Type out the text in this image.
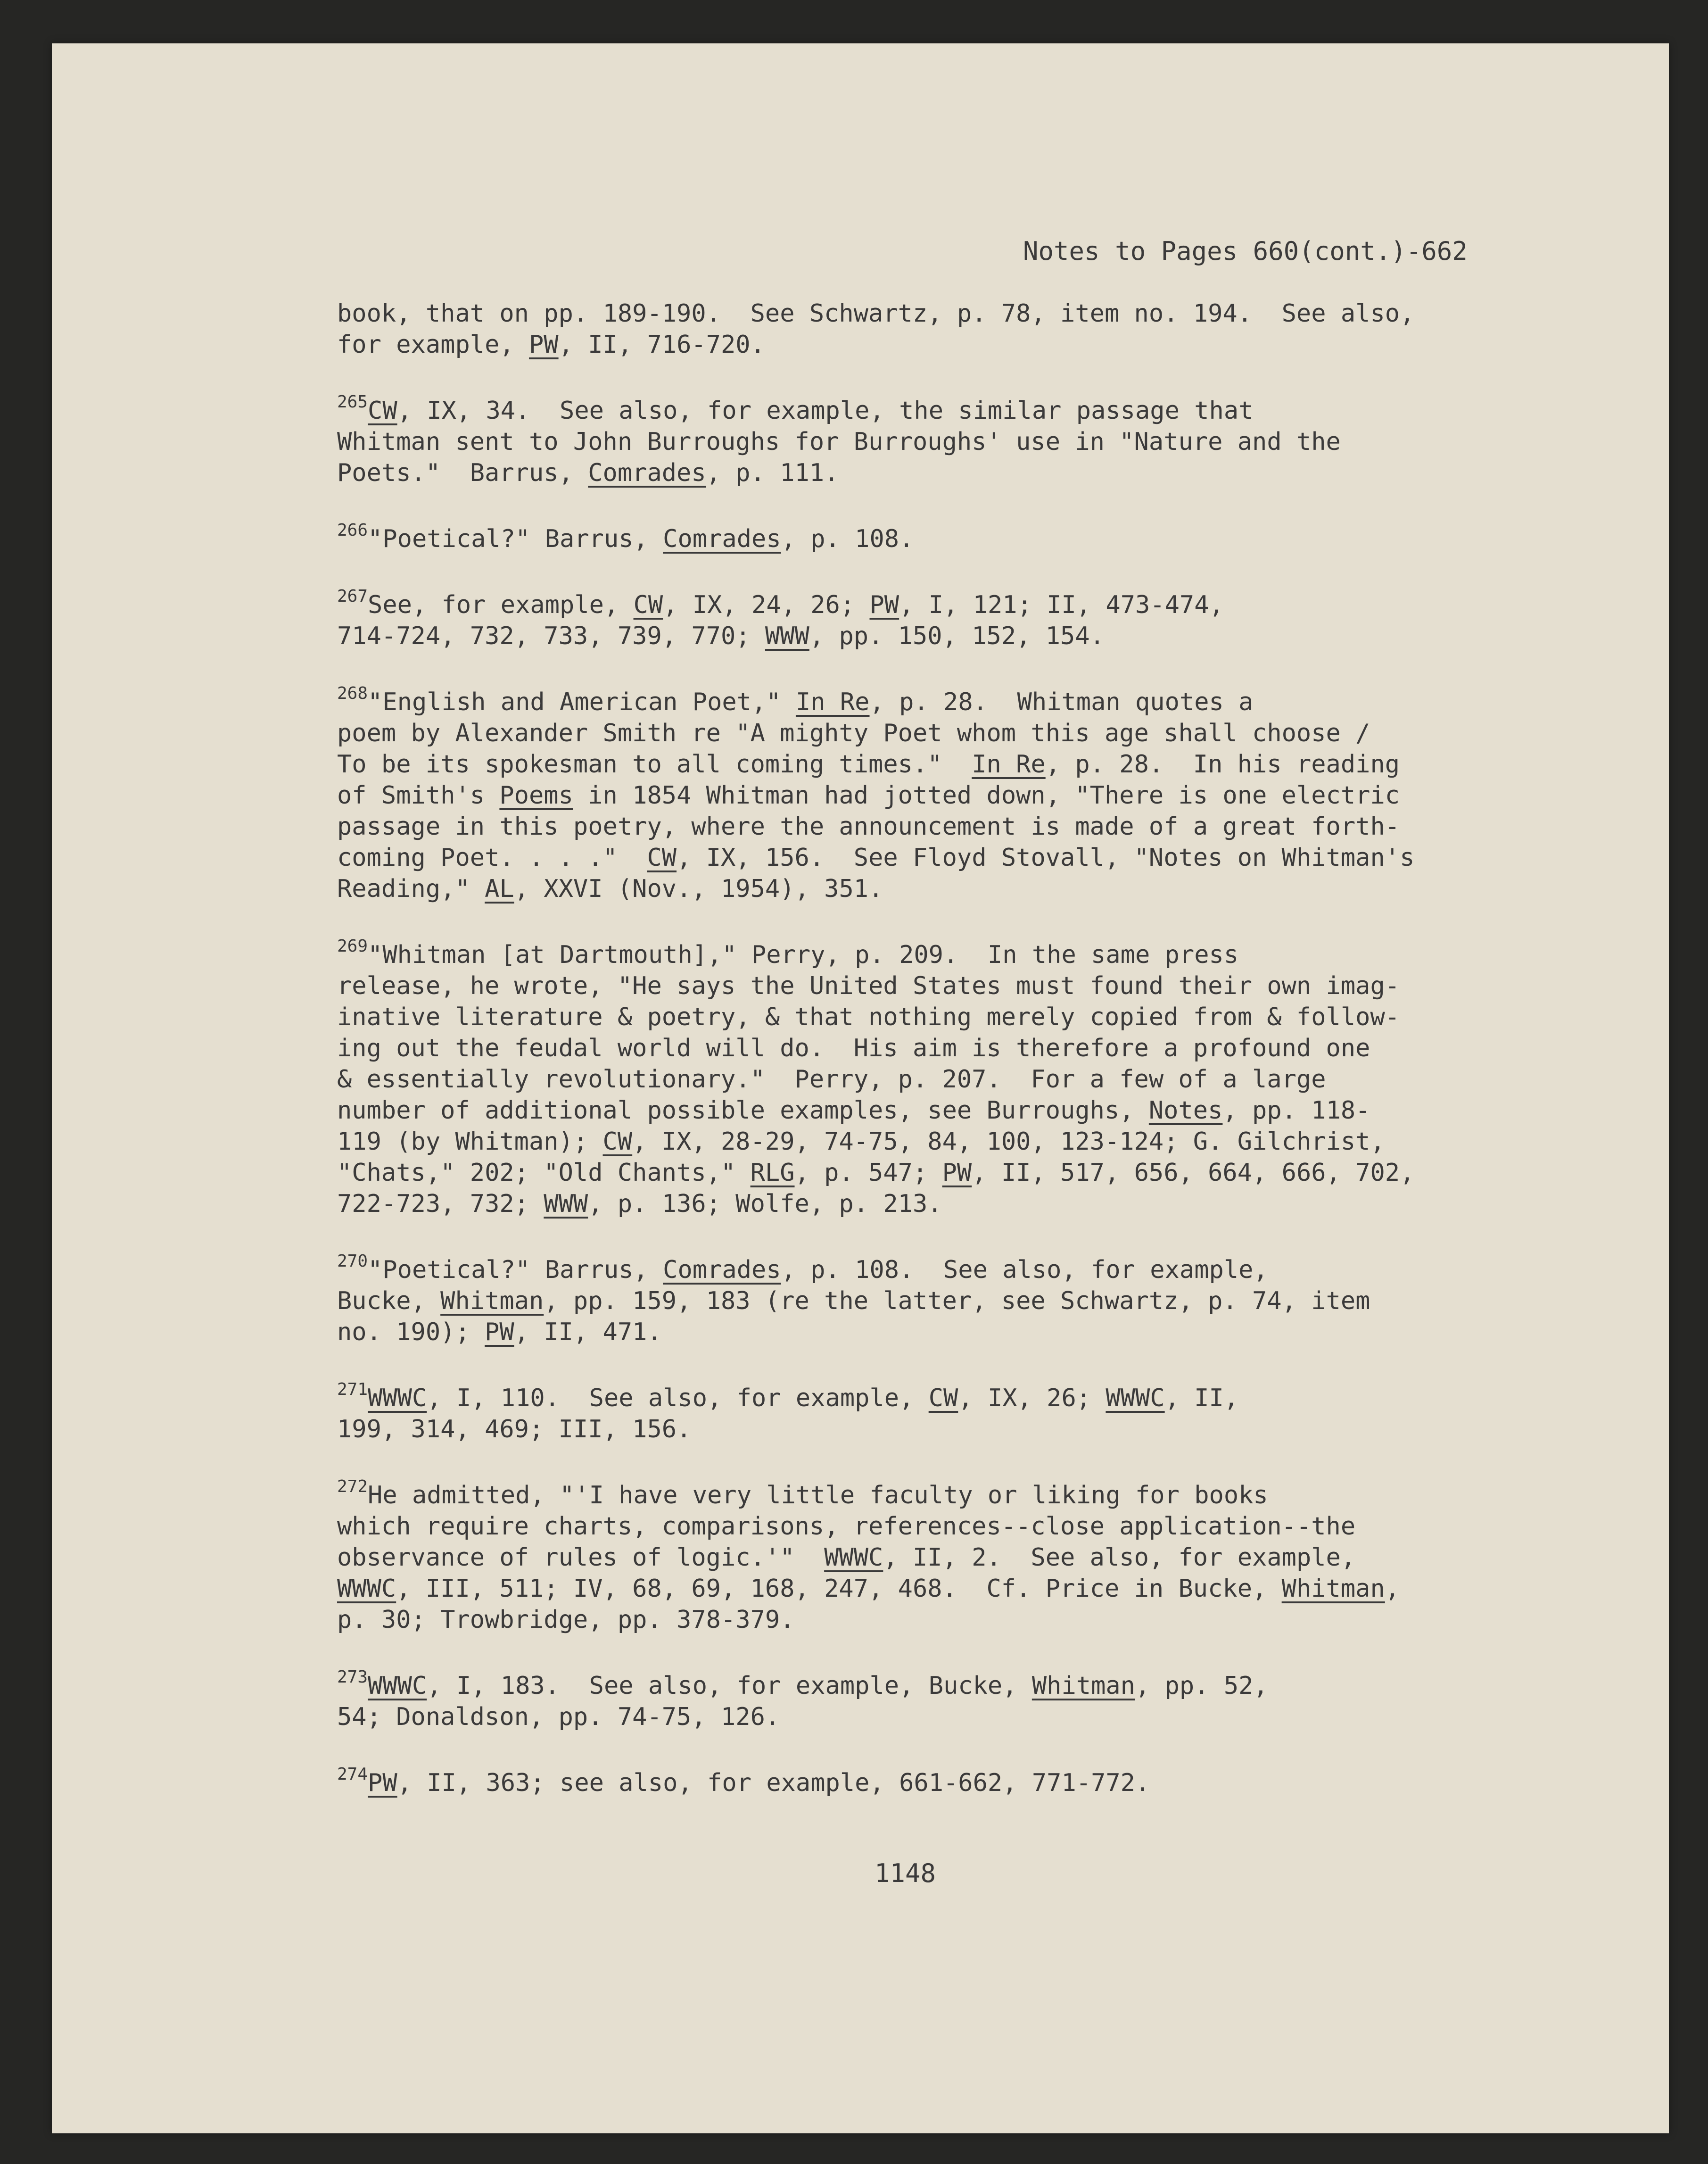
Notes to Pages 660(cont.)-662
book, that on pp. 189-190.  See Schwartz, p. 78, item no. 194.  See also,
for example, PW, II, 716-720.
$^{265}$CW, IX, 34.  See also, for example, the similar passage that
Whitman sent to John Burroughs for Burroughs' use in "Nature and the
Poets."  Barrus, Comrades, p. 111.
$^{266}$"Poetical?" Barrus, Comrades, p. 108.
$^{267}$See, for example, CW, IX, 24, 26; PW, I, 121; II, 473-474,
714-724, 732, 733, 739, 770; WWW, pp. 150, 152, 154.
$^{268}$"English and American Poet," In Re, p. 28.  Whitman quotes a
poem by Alexander Smith re "A mighty Poet whom this age shall choose /
To be its spokesman to all coming times."  In Re, p. 28.  In his reading
of Smith's Poems in 1854 Whitman had jotted down, "There is one electric
passage in this poetry, where the announcement is made of a great forth-
coming Poet. . . ."  CW, IX, 156.  See Floyd Stovall, "Notes on Whitman's
Reading," AL, XXVI (Nov., 1954), 351.
$^{269}$"Whitman [at Dartmouth]," Perry, p. 209.  In the same press
release, he wrote, "He says the United States must found their own imag-
inative literature & poetry, & that nothing merely copied from & follow-
ing out the feudal world will do.  His aim is therefore a profound one
& essentially revolutionary."  Perry, p. 207.  For a few of a large
number of additional possible examples, see Burroughs, Notes, pp. 118-
119 (by Whitman); CW, IX, 28-29, 74-75, 84, 100, 123-124; G. Gilchrist,
"Chats," 202; "Old Chants," RLG, p. 547; PW, II, 517, 656, 664, 666, 702,
722-723, 732; WWW, p. 136; Wolfe, p. 213.
$^{270}$"Poetical?" Barrus, Comrades, p. 108.  See also, for example,
Bucke, Whitman, pp. 159, 183 (re the latter, see Schwartz, p. 74, item
no. 190); PW, II, 471.
$^{271}$WWWC, I, 110.  See also, for example, CW, IX, 26; WWWC, II,
199, 314, 469; III, 156.
$^{272}$He admitted, "'I have very little faculty or liking for books
which require charts, comparisons, references--close application--the
observance of rules of logic.'"  WWWC, II, 2.  See also, for example,
WWWC, III, 511; IV, 68, 69, 168, 247, 468.  Cf. Price in Bucke, Whitman,
p. 30; Trowbridge, pp. 378-379.
$^{273}$WWWC, I, 183.  See also, for example, Bucke, Whitman, pp. 52,
54; Donaldson, pp. 74-75, 126.
$^{274}$PW, II, 363; see also, for example, 661-662, 771-772.
1148
